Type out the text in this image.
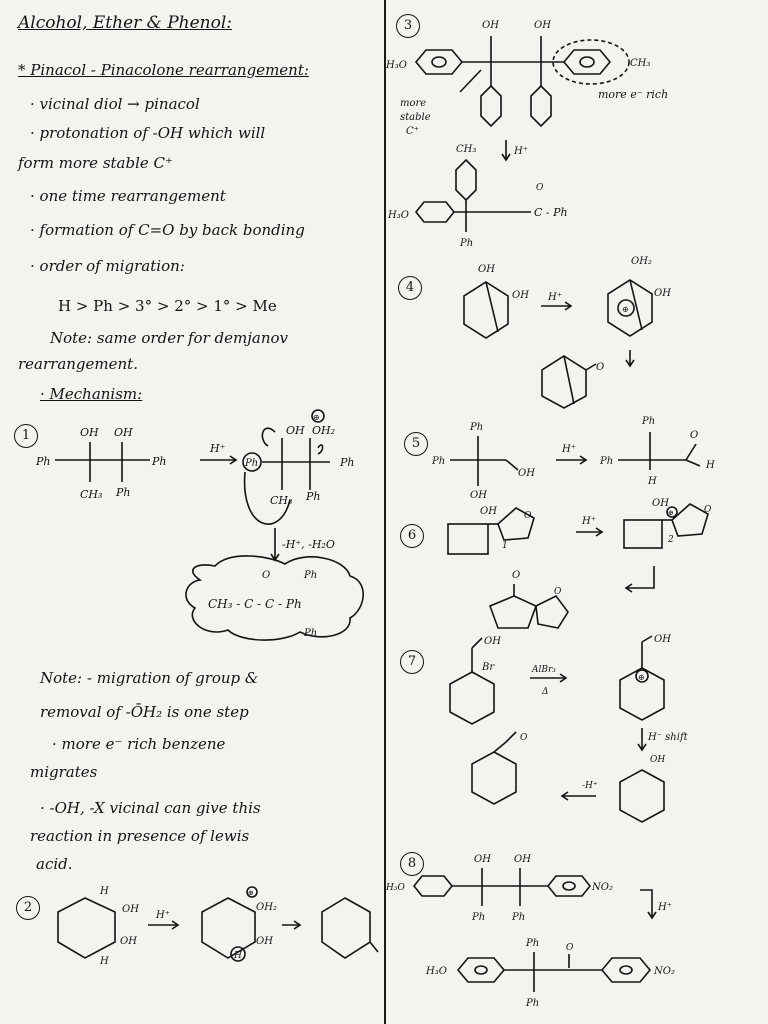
Alcohol, Ether & Phenol:
* Pinacol - Pinacolone rearrangement:
· vicinal diol → pinacol
· protonation of -OH which will
form more stable C⁺
· one time rearrangement
· formation of C=O by back bonding
· order of migration:
H > Ph > 3° > 2° > 1° > Me
Note: same order for demjanov
rearrangement.
· Mechanism:
1	OH OH
Ph	Ph
CH₃ Ph
H⁺
Ph
OH OH₂
Ph
CH₃ Ph
⊕
-H⁺, -H₂O
CH₃ - C - C - Ph
O	Ph
Ph
Note: - migration of group &
removal of -ŌH₂ is one step
· more e⁻ rich benzene
migrates
· -OH, -X vicinal can give this
reaction in presence of lewis
acid.
2
H
OH
OH
H
H⁺
OH₂
OH
H
⊕
3	OH	OH
H₃O	CH₃
more e⁻ rich
more
stable
C⁺
CH₃	H⁺
O
H₃O	C - Ph
Ph
4
OH
OH H⁺
⊕
OH₂
OH
O
5
Ph
Ph
OH
OH
H⁺
Ph
Ph
H
O
H
6
OH	O
1
H⁺
OH
⊕	O
2
O
O
7
OH
Br	AlBr₃
Δ
OH
⊕
H⁻ shift
OH
O
-H⁺
8	OH OH
H₃O	NO₂
Ph	Ph
H⁺
Ph	O
H₃O	NO₂
Ph
